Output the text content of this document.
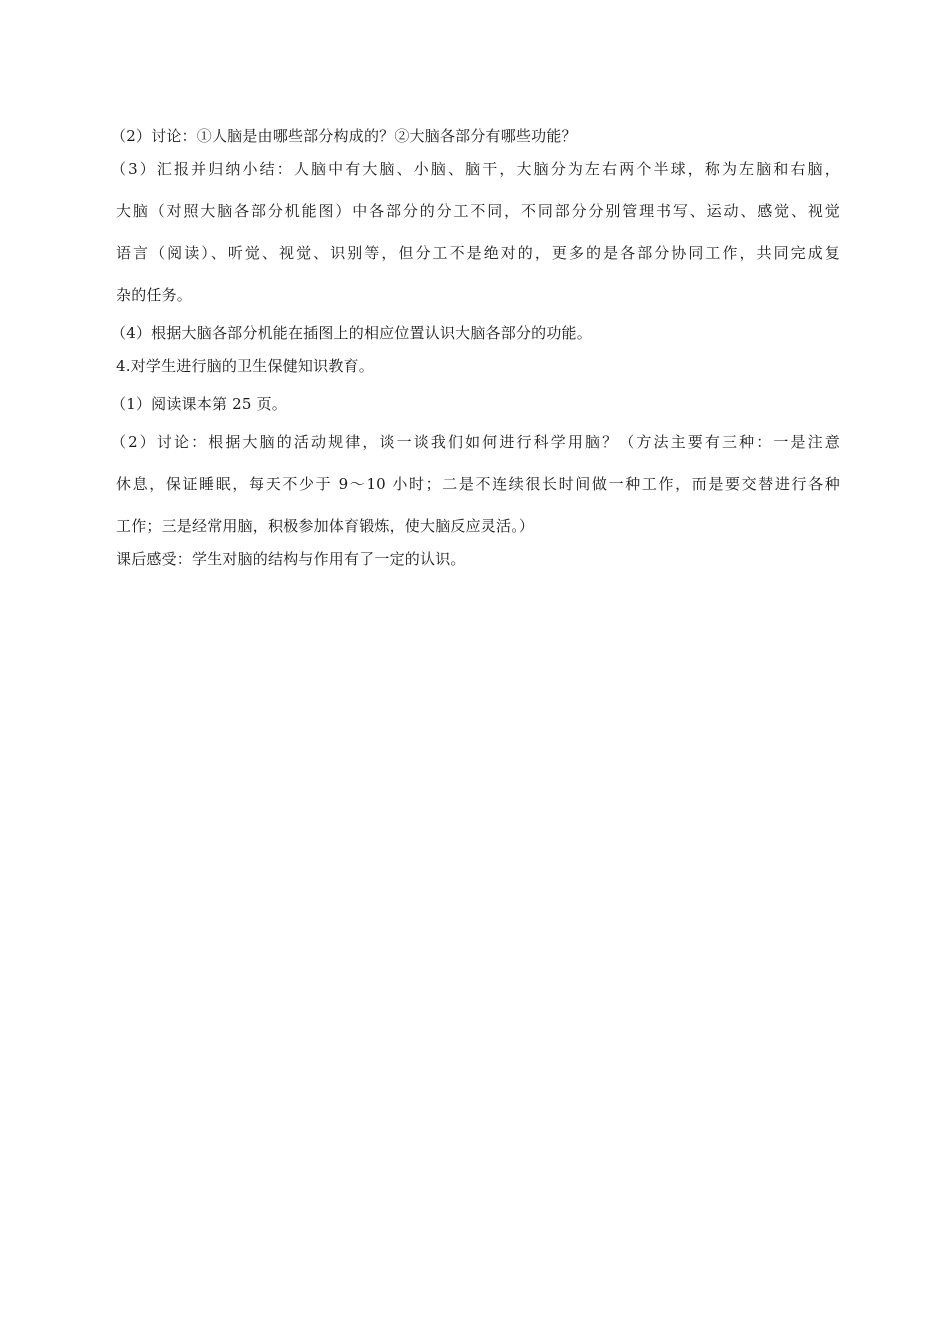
（2）讨论：①人脑是由哪些部分构成的？②大脑各部分有哪些功能？
（3）汇报并归纳小结：人脑中有大脑、小脑、脑干，大脑分为左右两个半球，称为左脑和右脑，
大脑（对照大脑各部分机能图）中各部分的分工不同，不同部分分别管理书写、运动、感觉、视觉
语言（阅读）、听觉、视觉、识别等，但分工不是绝对的，更多的是各部分协同工作，共同完成复
杂的任务。
（4）根据大脑各部分机能在插图上的相应位置认识大脑各部分的功能。
4.对学生进行脑的卫生保健知识教育。
（1）阅读课本第 25 页。
（2）讨论：根据大脑的活动规律，谈一谈我们如何进行科学用脑？（方法主要有三种：一是注意
休息，保证睡眠，每天不少于 9～10 小时；二是不连续很长时间做一种工作，而是要交替进行各种
工作；三是经常用脑，积极参加体育锻炼，使大脑反应灵活。）
课后感受：学生对脑的结构与作用有了一定的认识。
